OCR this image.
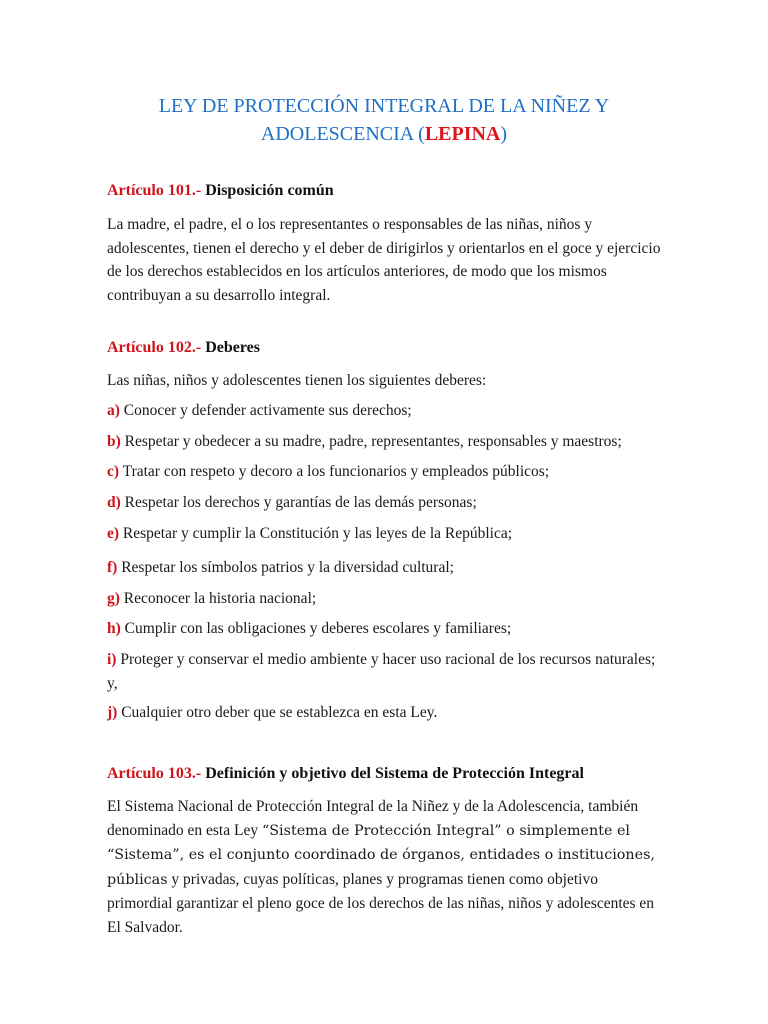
LEY DE PROTECCIÓN INTEGRAL DE LA NIÑEZ Y
ADOLESCENCIA (LEPINA)
Artículo 101.- Disposición común
La madre, el padre, el o los representantes o responsables de las niñas, niños y adolescentes, tienen el derecho y el deber de dirigirlos y orientarlos en el goce y ejercicio de los derechos establecidos en los artículos anteriores, de modo que los mismos contribuyan a su desarrollo integral.
Artículo 102.- Deberes
Las niñas, niños y adolescentes tienen los siguientes deberes:
a) Conocer y defender activamente sus derechos;
b) Respetar y obedecer a su madre, padre, representantes, responsables y maestros;
c) Tratar con respeto y decoro a los funcionarios y empleados públicos;
d) Respetar los derechos y garantías de las demás personas;
e) Respetar y cumplir la Constitución y las leyes de la República;
f) Respetar los símbolos patrios y la diversidad cultural;
g) Reconocer la historia nacional;
h) Cumplir con las obligaciones y deberes escolares y familiares;
i) Proteger y conservar el medio ambiente y hacer uso racional de los recursos naturales; y,
j) Cualquier otro deber que se establezca en esta Ley.
Artículo 103.- Definición y objetivo del Sistema de Protección Integral
El Sistema Nacional de Protección Integral de la Niñez y de la Adolescencia, también denominado en esta Ley “Sistema de Protección Integral” o simplemente el “Sistema”, es el conjunto coordinado de órganos, entidades o instituciones, públicas y privadas, cuyas políticas, planes y programas tienen como objetivo primordial garantizar el pleno goce de los derechos de las niñas, niños y adolescentes en El Salvador.
